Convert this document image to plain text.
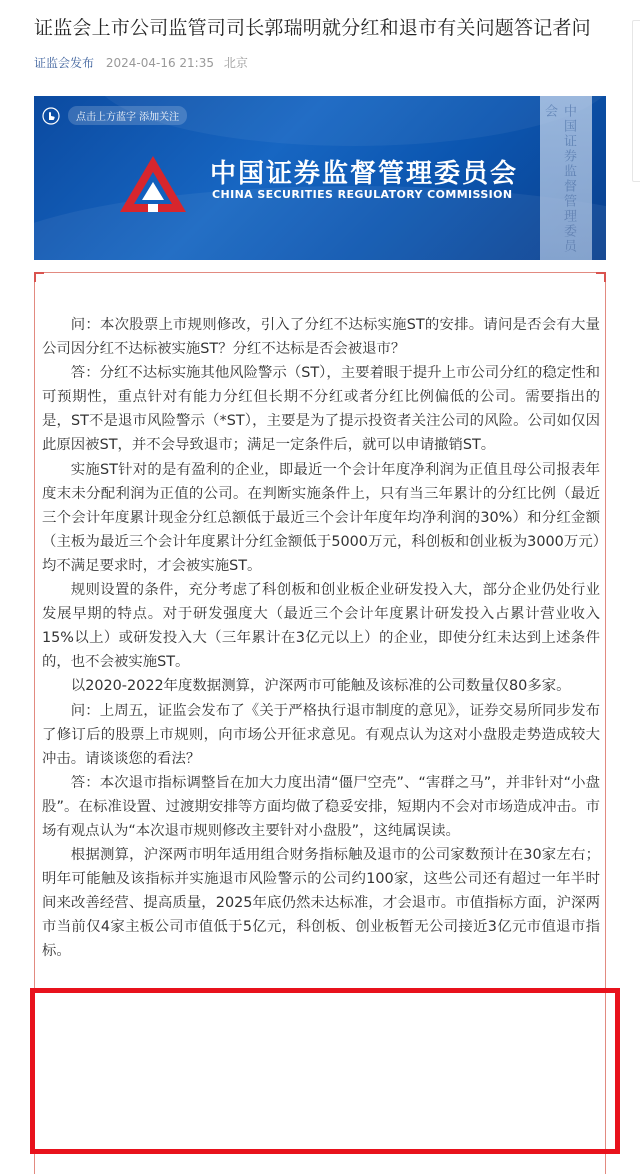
证监会上市公司监管司司长郭瑞明就分红和退市有关问题答记者问
证监会发布 2024-04-16 21:35 北京
点击上方蓝字 添加关注
中国证券监督管理委员会
CHINA SECURITIES REGULATORY COMMISSION	中国证券监督管理委员会

问：本次股票上市规则修改，引入了分红不达标实施ST的安排。请问是否会有大量公司因分红不达标被实施ST？分红不达标是否会被退市？

答：分红不达标实施其他风险警示（ST），主要着眼于提升上市公司分红的稳定性和可预期性，重点针对有能力分红但长期不分红或者分红比例偏低的公司。需要指出的是，ST不是退市风险警示（*ST），主要是为了提示投资者关注公司的风险。公司如仅因此原因被ST，并不会导致退市；满足一定条件后，就可以申请撤销ST。

实施ST针对的是有盈利的企业，即最近一个会计年度净利润为正值且母公司报表年度末未分配利润为正值的公司。在判断实施条件上，只有当三年累计的分红比例（最近三个会计年度累计现金分红总额低于最近三个会计年度年均净利润的30%）和分红金额（主板为最近三个会计年度累计分红金额低于5000万元，科创板和创业板为3000万元）均不满足要求时，才会被实施ST。

规则设置的条件，充分考虑了科创板和创业板企业研发投入大，部分企业仍处行业发展早期的特点。对于研发强度大（最近三个会计年度累计研发投入占累计营业收入15%以上）或研发投入大（三年累计在3亿元以上）的企业，即使分红未达到上述条件的，也不会被实施ST。

以2020-2022年度数据测算，沪深两市可能触及该标准的公司数量仅80多家。

问：上周五，证监会发布了《关于严格执行退市制度的意见》，证券交易所同步发布了修订后的股票上市规则，向市场公开征求意见。有观点认为这对小盘股走势造成较大冲击。请谈谈您的看法？

答：本次退市指标调整旨在加大力度出清“僵尸空壳”、“害群之马”，并非针对“小盘股”。在标准设置、过渡期安排等方面均做了稳妥安排，短期内不会对市场造成冲击。市场有观点认为“本次退市规则修改主要针对小盘股”，这纯属误读。

根据测算，沪深两市明年适用组合财务指标触及退市的公司家数预计在30家左右；明年可能触及该指标并实施退市风险警示的公司约100家，这些公司还有超过一年半时间来改善经营、提高质量，2025年底仍然未达标准，才会退市。市值指标方面，沪深两市当前仅4家主板公司市值低于5亿元，科创板、创业板暂无公司接近3亿元市值退市指标。
